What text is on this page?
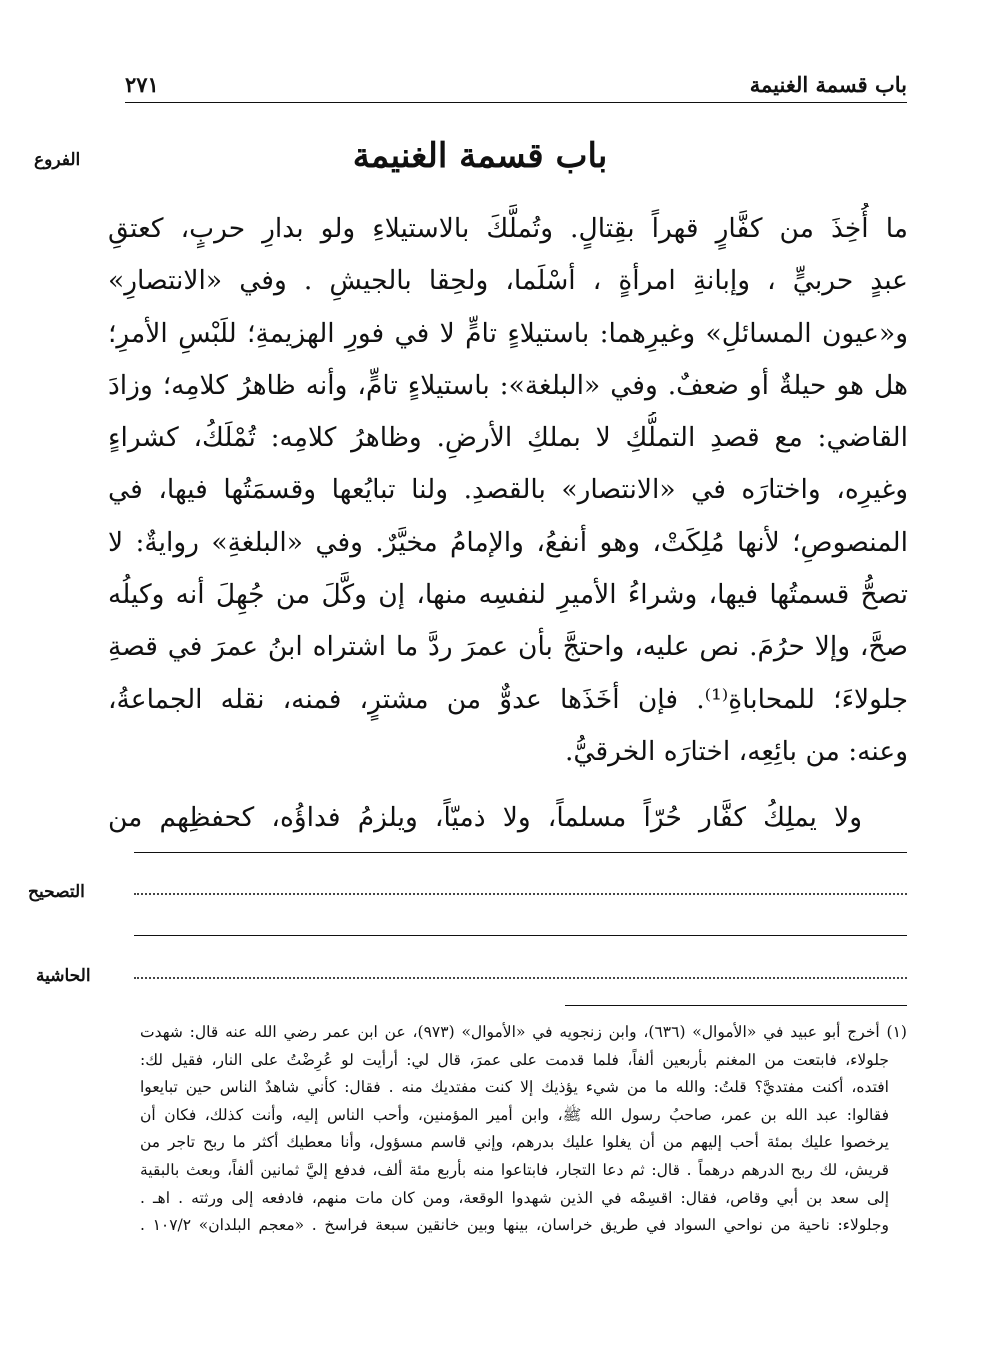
باب قسمة الغنيمة
٢٧١
الفروع
التصحيح
الحاشية
باب قسمة الغنيمة
ما أُخِذَ من كفَّارٍ قهراً بقِتالٍ. وتُملَّكَ بالاستيلاءِ ولو بدارِ حربٍ، كعتقِ
عبدٍ حربيٍّ ، وإبانةِ امرأةٍ ، أسْلَما، ولحِقا بالجيشِ . وفي «الانتصارِ»
و«عيون المسائلِ» وغيرِهما: باستيلاءٍ تامٍّ لا في فورِ الهزيمةِ؛ للَبْسِ الأمرِ؛
هل هو حيلةٌ أو ضعفٌ. وفي «البلغة»: باستيلاءٍ تامٍّ، وأنه ظاهرُ كلامِه؛ وزادَ
القاضي: مع قصدِ التملُّكِ لا بملكِ الأرضِ. وظاهرُ كلامِه: تُمْلَكُ، كشراءٍ
وغيرِه، واختارَه في «الانتصار» بالقصدِ. ولنا تبايُعها وقسمَتُها فيها، في
المنصوصِ؛ لأنها مُلِكَتْ، وهو أنفعُ، والإمامُ مخيَّرٌ. وفي «البلغةِ» روايةٌ: لا
تصحُّ قسمتُها فيها، وشراءُ الأميرِ لنفسِه منها، إن وكَّلَ من جُهِلَ أنه وكيلُه
صحَّ، وإلا حرُمَ. نص عليه، واحتجَّ بأن عمرَ ردَّ ما اشتراه ابنُ عمرَ في قصةِ
جلولاءَ؛ للمحاباةِ⁽¹⁾. فإن أخَذَها عدوٌّ من مشترٍ، فمنه، نقله الجماعةُ،
وعنه: من بائِعِه، اختارَه الخرقيُّ.
ولا يملِكُ كفَّار حُرّاً مسلماً، ولا ذميّاً، ويلزمُ فداؤُه، كحفظِهم من
(١) أخرج أبو عبيد في «الأموال» (٦٣٦)، وابن زنجويه في «الأموال» (٩٧٣)، عن ابن عمر رضي الله عنه قال: شهدت
جلولاء، فابتعت من المغنم بأربعين ألفاً، فلما قدمت على عمرَ، قال لي: أرأيت لو عُرِضْتُ على النار، فقيل لك:
افتده، أكنت مفتديَّ؟ قلتُ: والله ما من شيء يؤذيك إلا كنت مفتديك منه . فقال: كأني شاهدٌ الناس حين تبايعوا
فقالوا: عبد الله بن عمر، صاحبُ رسول الله ﷺ، وابن أمير المؤمنين، وأحب الناس إليه، وأنت كذلك، فكان أن
يرخصوا عليك بمئة أحب إليهم من أن يغلوا عليك بدرهم، وإني قاسم مسؤول، وأنا معطيك أكثر ما ربح تاجر من
قريش، لك ربح الدرهم درهماً . قال: ثم دعا التجار، فابتاعوا منه بأربع مئة ألف، فدفع إليَّ ثمانين ألفاً، وبعث بالبقية
إلى سعد بن أبي وقاص، فقال: اقسِمْه في الذين شهدوا الوقعة، ومن كان مات منهم، فادفعه إلى ورثته . اهـ .
وجلولاء: ناحية من نواحي السواد في طريق خراسان، بينها وبين خانقين سبعة فراسخ . «معجم البلدان» ١٠٧/٢ .
